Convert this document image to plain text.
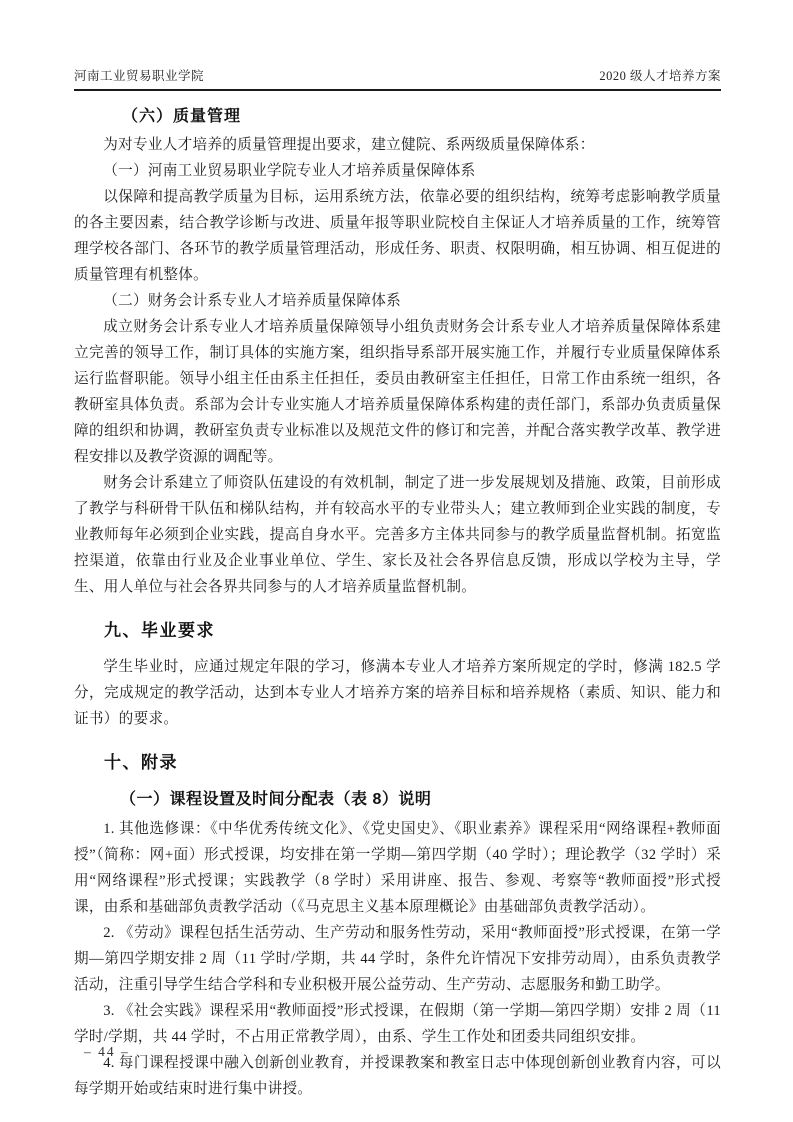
河南工业贸易职业学院	2020 级人才培养方案
（六）质量管理

为对专业人才培养的质量管理提出要求，建立健院、系两级质量保障体系：

（一）河南工业贸易职业学院专业人才培养质量保障体系

以保障和提高教学质量为目标，运用系统方法，依靠必要的组织结构，统筹考虑影响教学质量的各主要因素，结合教学诊断与改进、质量年报等职业院校自主保证人才培养质量的工作，统筹管理学校各部门、各环节的教学质量管理活动，形成任务、职责、权限明确，相互协调、相互促进的质量管理有机整体。

（二）财务会计系专业人才培养质量保障体系

成立财务会计系专业人才培养质量保障领导小组负责财务会计系专业人才培养质量保障体系建立完善的领导工作，制订具体的实施方案，组织指导系部开展实施工作，并履行专业质量保障体系运行监督职能。领导小组主任由系主任担任，委员由教研室主任担任，日常工作由系统一组织，各教研室具体负责。系部为会计专业实施人才培养质量保障体系构建的责任部门，系部办负责质量保障的组织和协调，教研室负责专业标准以及规范文件的修订和完善，并配合落实教学改革、教学进程安排以及教学资源的调配等。

财务会计系建立了师资队伍建设的有效机制，制定了进一步发展规划及措施、政策，目前形成了教学与科研骨干队伍和梯队结构，并有较高水平的专业带头人；建立教师到企业实践的制度，专业教师每年必须到企业实践，提高自身水平。完善多方主体共同参与的教学质量监督机制。拓宽监控渠道，依靠由行业及企业事业单位、学生、家长及社会各界信息反馈，形成以学校为主导，学生、用人单位与社会各界共同参与的人才培养质量监督机制。

九、毕业要求

学生毕业时，应通过规定年限的学习，修满本专业人才培养方案所规定的学时，修满 182.5 学分，完成规定的教学活动，达到本专业人才培养方案的培养目标和培养规格（素质、知识、能力和证书）的要求。

十、附录
（一）课程设置及时间分配表（表 8）说明

1. 其他选修课：《中华优秀传统文化》、《党史国史》、《职业素养》课程采用“网络课程+教师面授”（简称：网+面）形式授课，均安排在第一学期—第四学期（40 学时）；理论教学（32 学时）采用“网络课程”形式授课；实践教学（8 学时）采用讲座、报告、参观、考察等“教师面授”形式授课，由系和基础部负责教学活动（《马克思主义基本原理概论》由基础部负责教学活动）。

2. 《劳动》课程包括生活劳动、生产劳动和服务性劳动，采用“教师面授”形式授课，在第一学期—第四学期安排 2 周（11 学时/学期，共 44 学时，条件允许情况下安排劳动周），由系负责教学活动，注重引导学生结合学科和专业积极开展公益劳动、生产劳动、志愿服务和勤工助学。

3. 《社会实践》课程采用“教师面授”形式授课，在假期（第一学期—第四学期）安排 2 周（11 学时/学期，共 44 学时，不占用正常教学周），由系、学生工作处和团委共同组织安排。

4. 每门课程授课中融入创新创业教育，并授课教案和教室日志中体现创新创业教育内容，可以每学期开始或结束时进行集中讲授。

– 44 –
